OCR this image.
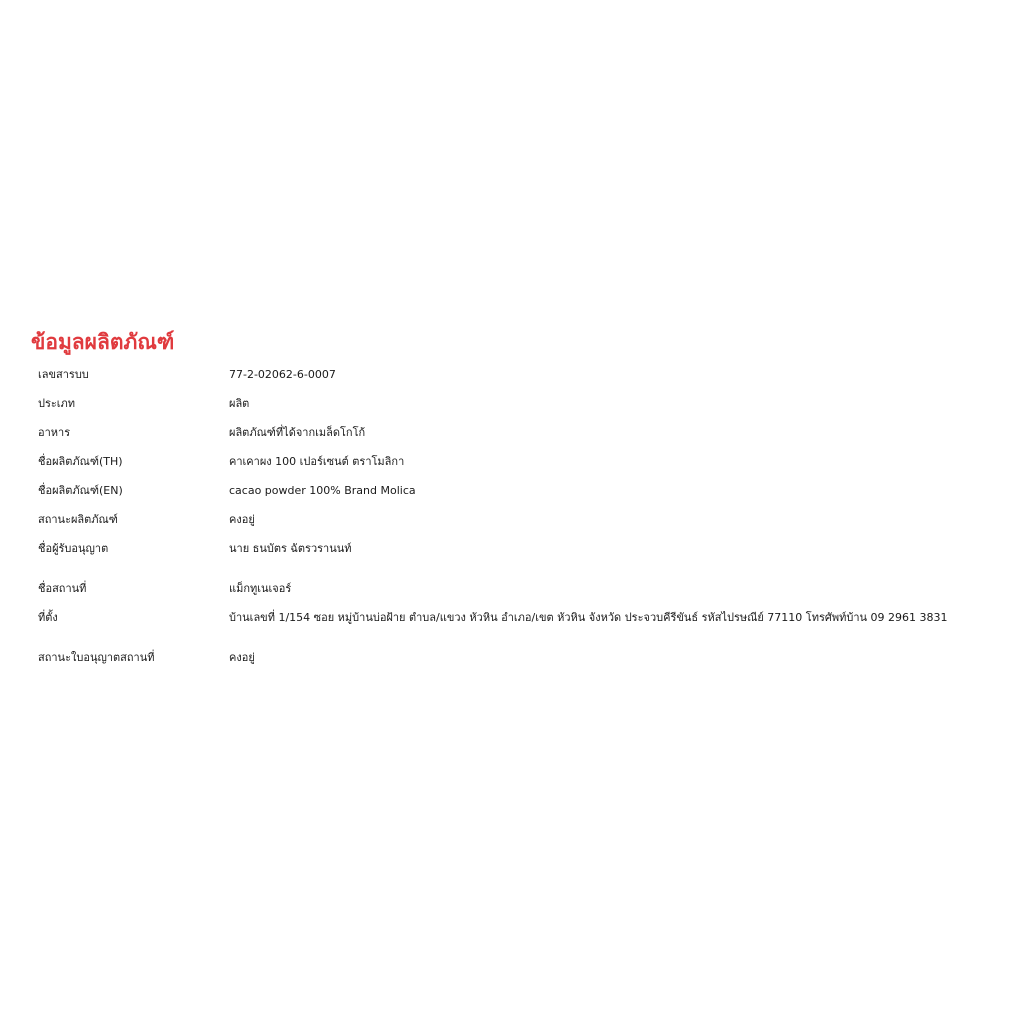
ข้อมูลผลิตภัณฑ์
เลขสารบบ	77-2-02062-6-0007
ประเภท	ผลิต
อาหาร	ผลิตภัณฑ์ที่ได้จากเมล็ดโกโก้
ชื่อผลิตภัณฑ์(TH)	คาเคาผง 100 เปอร์เซนต์ ตราโมลิกา
ชื่อผลิตภัณฑ์(EN)	cacao powder 100% Brand Molica
สถานะผลิตภัณฑ์	คงอยู่
ชื่อผู้รับอนุญาต	นาย ธนบัตร ฉัตรวรานนท์
ชื่อสถานที่	แม็กทูเนเจอร์
ที่ตั้ง	บ้านเลขที่ 1/154 ซอย หมู่บ้านบ่อฝ้าย ตำบล/แขวง หัวหิน อำเภอ/เขต หัวหิน จังหวัด ประจวบคีรีขันธ์ รหัสไปรษณีย์ 77110 โทรศัพท์บ้าน 09 2961 3831
สถานะใบอนุญาตสถานที่	คงอยู่
